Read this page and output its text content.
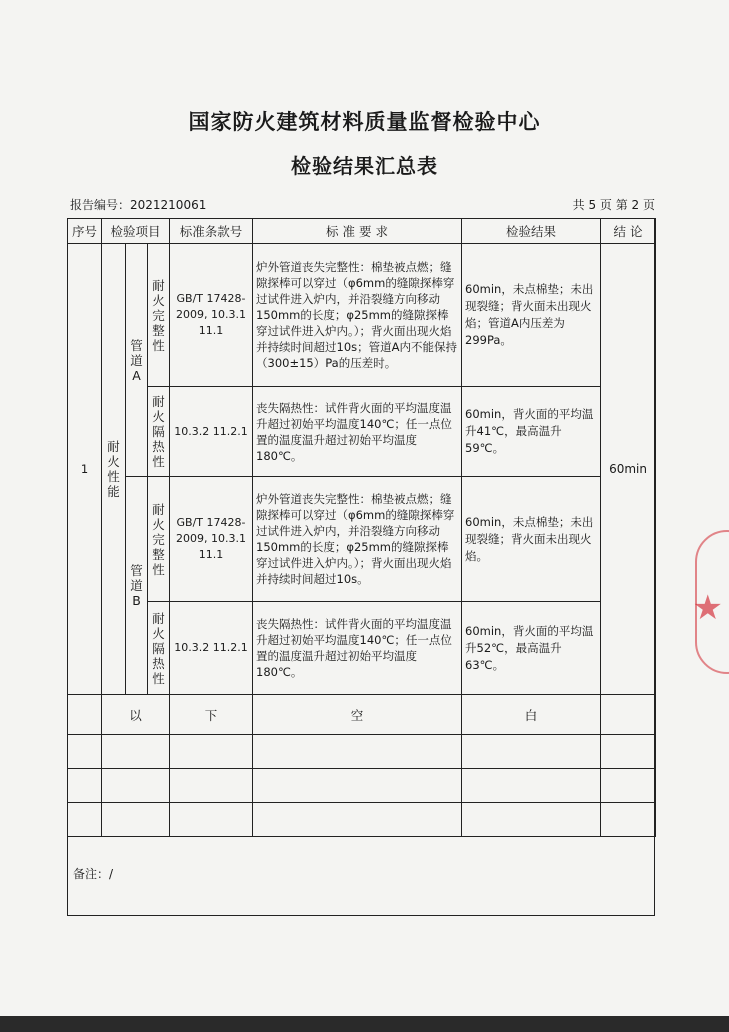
国家防火建筑材料质量监督检验中心
检验结果汇总表
报告编号：2021210061	共 5 页 第 2 页
序号	检验项目			标准条款号	标 准 要 求	检验结果	结 论
1	耐火性能	管道A	耐火完整性	GB/T 17428-2009, 10.3.1 11.1	炉外管道丧失完整性：棉垫被点燃；缝隙探棒可以穿过（φ6mm的缝隙探棒穿过试件进入炉内，并沿裂缝方向移动150mm的长度；φ25mm的缝隙探棒穿过试件进入炉内。）；背火面出现火焰并持续时间超过10s；管道A内不能保持（300±15）Pa的压差时。	60min，未点棉垫；未出现裂缝；背火面未出现火焰；管道A内压差为299Pa。	60min
			耐火隔热性	10.3.2 11.2.1	丧失隔热性：试件背火面的平均温度温升超过初始平均温度140℃；任一点位置的温度温升超过初始平均温度180℃。	60min，背火面的平均温升41℃，最高温升59℃。	
		管道B	耐火完整性	GB/T 17428-2009, 10.3.1 11.1	炉外管道丧失完整性：棉垫被点燃；缝隙探棒可以穿过（φ6mm的缝隙探棒穿过试件进入炉内，并沿裂缝方向移动150mm的长度；φ25mm的缝隙探棒穿过试件进入炉内。）；背火面出现火焰并持续时间超过10s。	60min，未点棉垫；未出现裂缝；背火面未出现火焰。	
			耐火隔热性	10.3.2 11.2.1	丧失隔热性：试件背火面的平均温度温升超过初始平均温度140℃；任一点位置的温度温升超过初始平均温度180℃。	60min，背火面的平均温升52℃，最高温升63℃。	
	以			下	空	白	

备注：/
★
